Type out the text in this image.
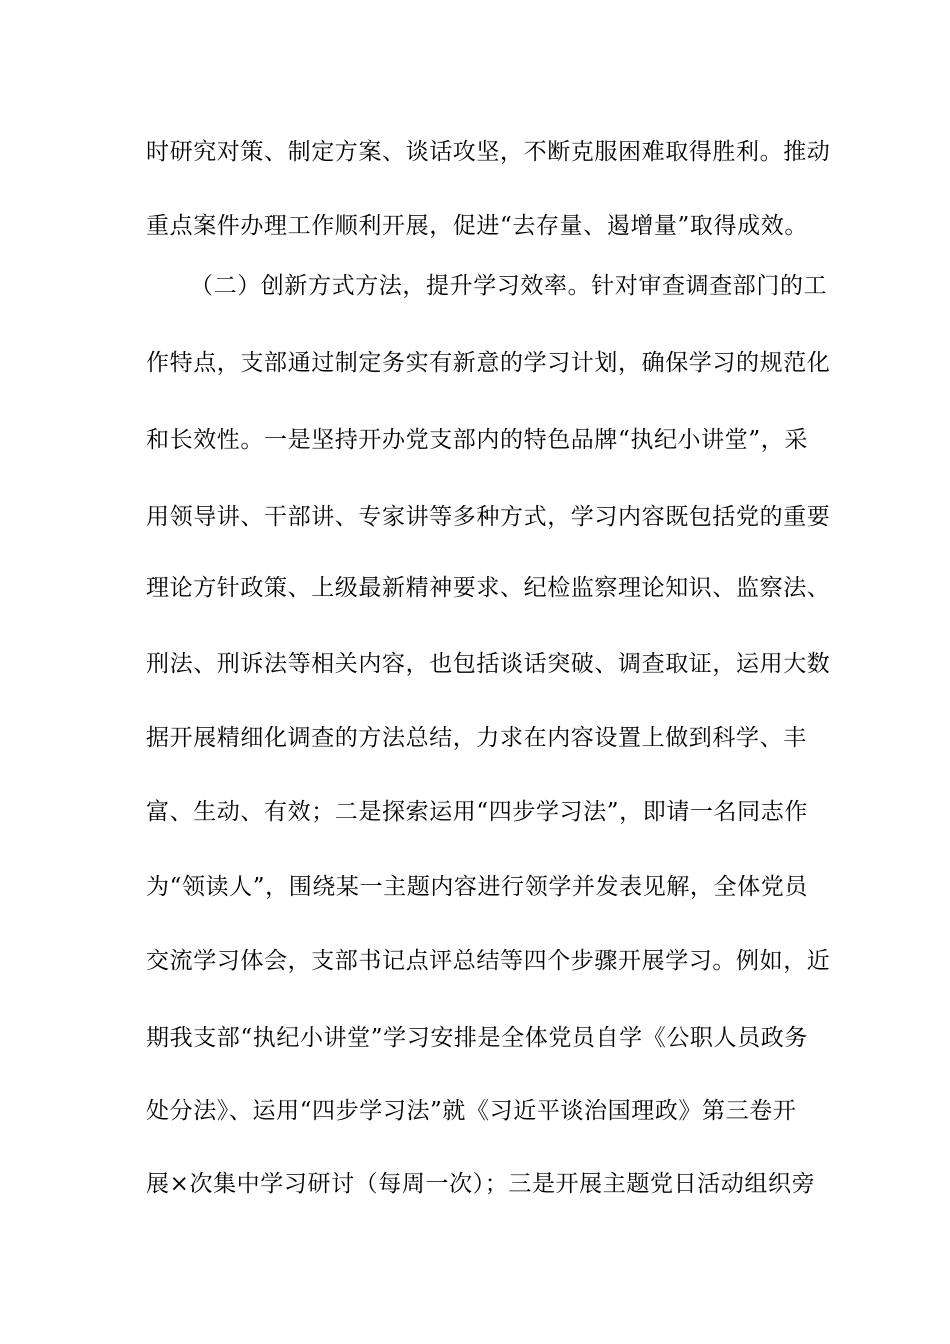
时研究对策、制定方案、谈话攻坚，不断克服困难取得胜利。推动
重点案件办理工作顺利开展，促进“去存量、遏增量”取得成效。
（二）创新方式方法，提升学习效率。针对审查调查部门的工
作特点，支部通过制定务实有新意的学习计划，确保学习的规范化
和长效性。一是坚持开办党支部内的特色品牌“执纪小讲堂”，采
用领导讲、干部讲、专家讲等多种方式，学习内容既包括党的重要
理论方针政策、上级最新精神要求、纪检监察理论知识、监察法、
刑法、刑诉法等相关内容，也包括谈话突破、调查取证，运用大数
据开展精细化调查的方法总结，力求在内容设置上做到科学、丰
富、生动、有效；二是探索运用“四步学习法”，即请一名同志作
为“领读人”，围绕某一主题内容进行领学并发表见解，全体党员
交流学习体会，支部书记点评总结等四个步骤开展学习。例如，近
期我支部“执纪小讲堂”学习安排是全体党员自学《公职人员政务
处分法》、运用“四步学习法”就《习近平谈治国理政》第三卷开
展×次集中学习研讨（每周一次）；三是开展主题党日活动组织旁
